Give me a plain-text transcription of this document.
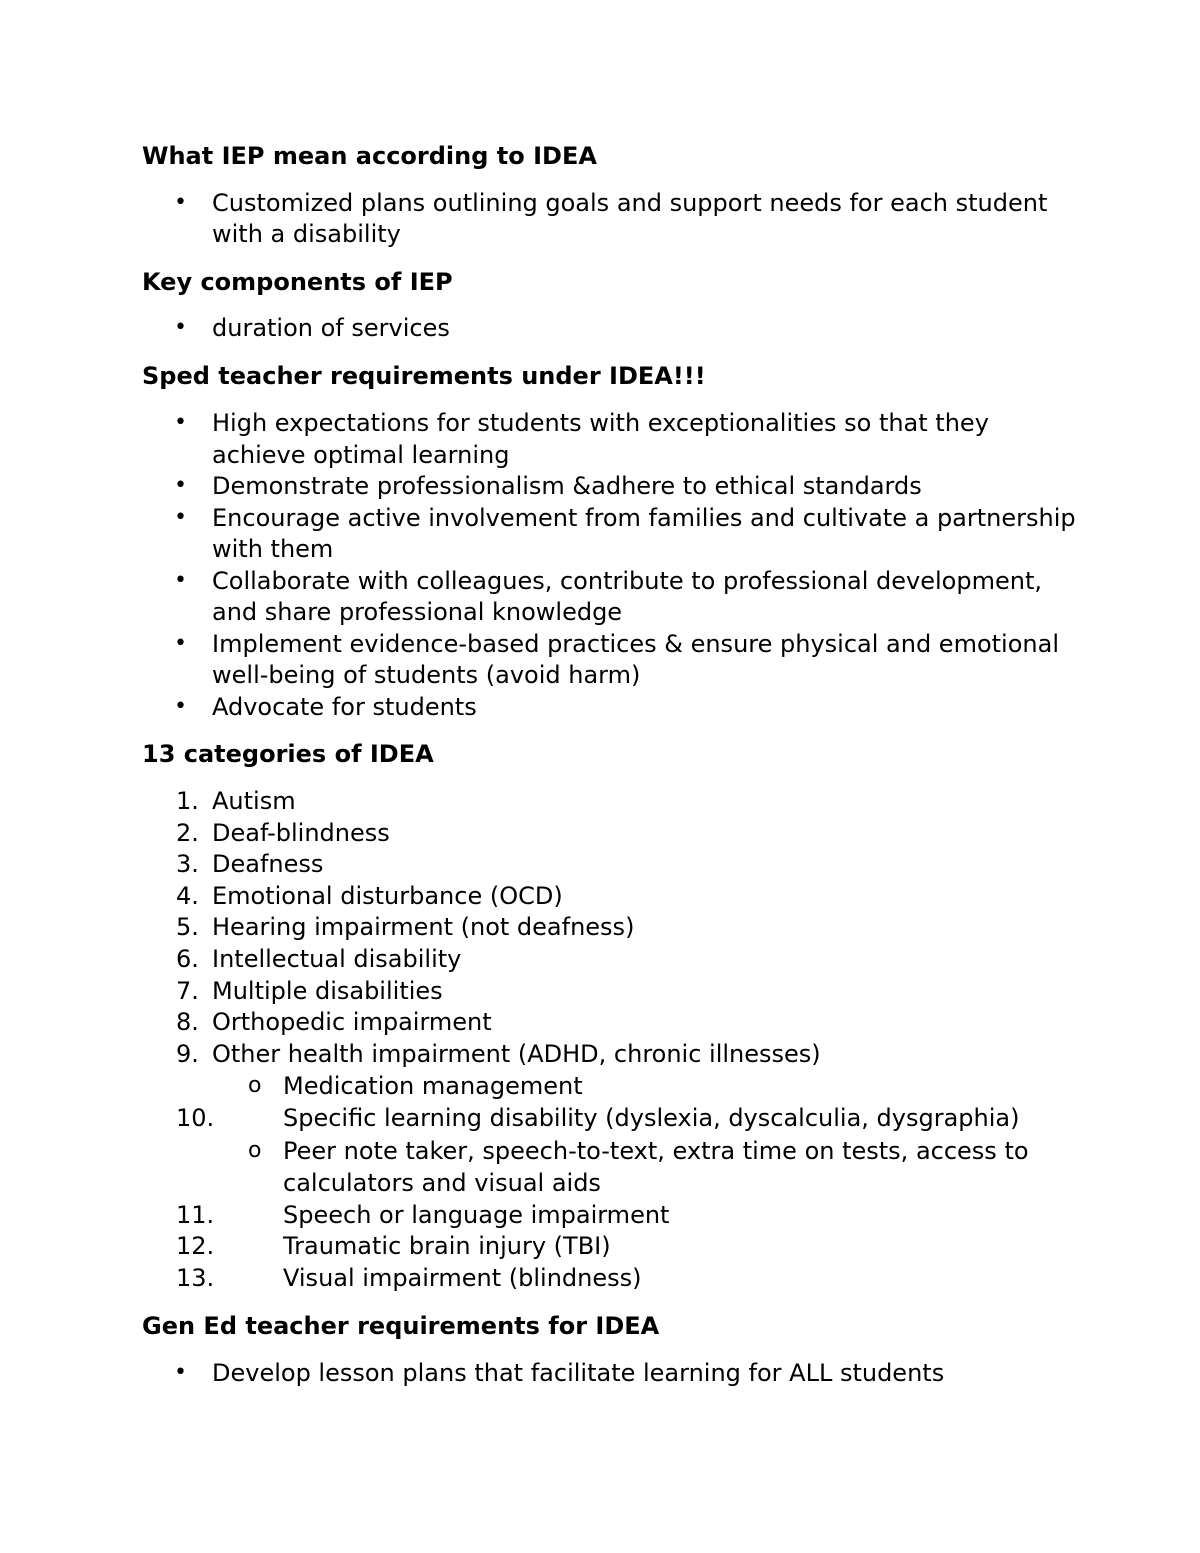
What IEP mean according to IDEA
• Customized plans outlining goals and support needs for each student
with a disability
Key components of IEP
• duration of services
Sped teacher requirements under IDEA!!!
• High expectations for students with exceptionalities so that they
achieve optimal learning
• Demonstrate professionalism &adhere to ethical standards
• Encourage active involvement from families and cultivate a partnership
with them
• Collaborate with colleagues, contribute to professional development,
and share professional knowledge
• Implement evidence-based practices & ensure physical and emotional
well-being of students (avoid harm)
• Advocate for students
13 categories of IDEA
1. Autism
2. Deaf-blindness
3. Deafness
4. Emotional disturbance (OCD)
5. Hearing impairment (not deafness)
6. Intellectual disability
7. Multiple disabilities
8. Orthopedic impairment
9. Other health impairment (ADHD, chronic illnesses)
o Medication management
10.	Specific learning disability (dyslexia, dyscalculia, dysgraphia)
o Peer note taker, speech-to-text, extra time on tests, access to
calculators and visual aids
11.	Speech or language impairment
12.	Traumatic brain injury (TBI)
13.	Visual impairment (blindness)
Gen Ed teacher requirements for IDEA
• Develop lesson plans that facilitate learning for ALL students
